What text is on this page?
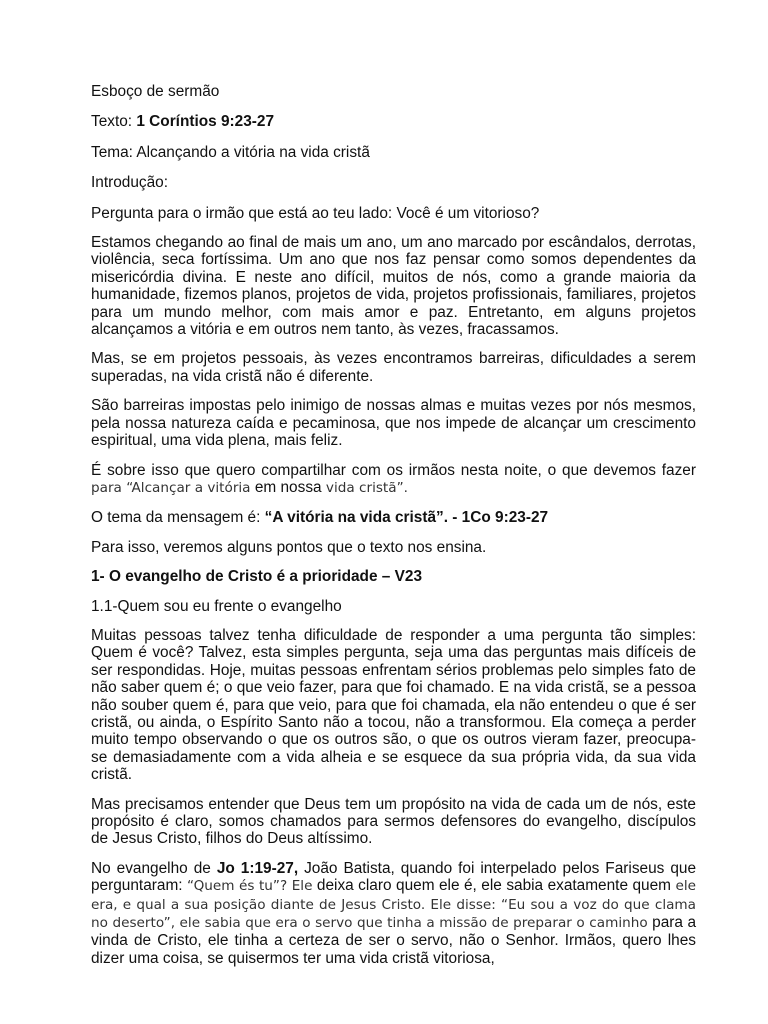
Esboço de sermão

Texto: 1 Coríntios 9:23-27

Tema: Alcançando a vitória na vida cristã

Introdução:

Pergunta para o irmão que está ao teu lado: Você é um vitorioso?

Estamos chegando ao final de mais um ano, um ano marcado por escândalos, derrotas, violência, seca fortíssima. Um ano que nos faz pensar como somos dependentes da misericórdia divina. E neste ano difícil, muitos de nós, como a grande maioria da humanidade, fizemos planos, projetos de vida, projetos profissionais, familiares, projetos para um mundo melhor, com mais amor e paz. Entretanto, em alguns projetos alcançamos a vitória e em outros nem tanto, às vezes, fracassamos.

Mas, se em projetos pessoais, às vezes encontramos barreiras, dificuldades a serem superadas, na vida cristã não é diferente.

São barreiras impostas pelo inimigo de nossas almas e muitas vezes por nós mesmos, pela nossa natureza caída e pecaminosa, que nos impede de alcançar um crescimento espiritual, uma vida plena, mais feliz.

É sobre isso que quero compartilhar com os irmãos nesta noite, o que devemos fazer para “Alcançar a vitória em nossa vida cristã”.

O tema da mensagem é: “A vitória na vida cristã”. - 1Co 9:23-27

Para isso, veremos alguns pontos que o texto nos ensina.

1- O evangelho de Cristo é a prioridade – V23

1.1-Quem sou eu frente o evangelho

Muitas pessoas talvez tenha dificuldade de responder a uma pergunta tão simples: Quem é você? Talvez, esta simples pergunta, seja uma das perguntas mais difíceis de ser respondidas. Hoje, muitas pessoas enfrentam sérios problemas pelo simples fato de não saber quem é; o que veio fazer, para que foi chamado. E na vida cristã, se a pessoa não souber quem é, para que veio, para que foi chamada, ela não entendeu o que é ser cristã, ou ainda, o Espírito Santo não a tocou, não a transformou. Ela começa a perder muito tempo observando o que os outros são, o que os outros vieram fazer, preocupa-se demasiadamente com a vida alheia e se esquece da sua própria vida, da sua vida cristã.

Mas precisamos entender que Deus tem um propósito na vida de cada um de nós, este propósito é claro, somos chamados para sermos defensores do evangelho, discípulos de Jesus Cristo, filhos do Deus altíssimo.

No evangelho de Jo 1:19-27, João Batista, quando foi interpelado pelos Fariseus que perguntaram: “Quem és tu”? Ele deixa claro quem ele é, ele sabia exatamente quem ele era, e qual a sua posição diante de Jesus Cristo. Ele disse: “Eu sou a voz do que clama no deserto”, ele sabia que era o servo que tinha a missão de preparar o caminho para a vinda de Cristo, ele tinha a certeza de ser o servo, não o Senhor. Irmãos, quero lhes dizer uma coisa, se quisermos ter uma vida cristã vitoriosa,
